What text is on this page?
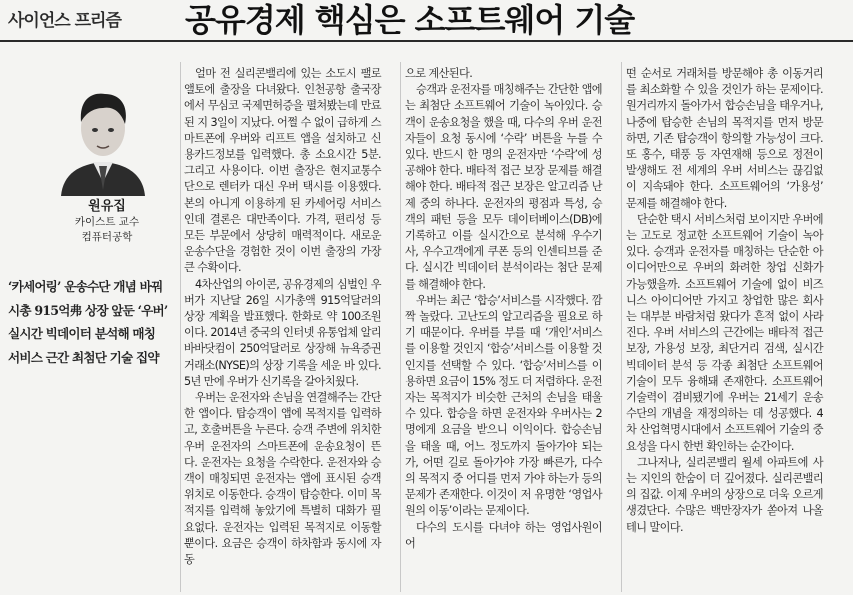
사이언스 프리즘 공유경제 핵심은 소프트웨어 기술
원유집
카이스트 교수
컴퓨터공학
‘카세어링’ 운송수단 개념 바꿔
시총 915억弗 상장 앞둔 ‘우버’
실시간 빅데이터 분석해 매칭
서비스 근간 최첨단 기술 집약

얼마 전 실리콘밸리에 있는 소도시 팰로앨토에 출장을 다녀왔다. 인천공항 출국장에서 무심코 국제면허증을 펼쳐봤는데 만료된 지 3일이 지났다. 어쩔 수 없이 급하게 스마트폰에 우버와 리프트 앱을 설치하고 신용카드정보를 입력했다. 총 소요시간 5분. 그리고 사용이다. 이번 출장은 현지교통수단으로 렌터카 대신 우버 택시를 이용했다. 본의 아니게 이용하게 된 카세어링 서비스인데 결론은 대만족이다. 가격, 편리성 등 모든 부문에서 상당히 매력적이다. 새로운 운송수단을 경험한 것이 이번 출장의 가장 큰 수확이다.

4차산업의 아이콘, 공유경제의 심벌인 우버가 지난달 26일 시가총액 915억달러의 상장 계획을 발표했다. 한화로 약 100조원이다. 2014년 중국의 인터넷 유통업체 알리바바닷컴이 250억달러로 상장해 뉴욕증권거래소(NYSE)의 상장 기록을 세운 바 있다. 5년 만에 우버가 신기록을 갈아치웠다.

우버는 운전자와 손님을 연결해주는 간단한 앱이다. 탑승객이 앱에 목적지를 입력하고, 호출버튼을 누른다. 승객 주변에 위치한 우버 운전자의 스마트폰에 운송요청이 뜬다. 운전자는 요청을 수락한다. 운전자와 승객이 매칭되면 운전자는 앱에 표시된 승객 위치로 이동한다. 승객이 탑승한다. 이미 목적지를 입력해 놓았기에 특별히 대화가 필요없다. 운전자는 입력된 목적지로 이동할 뿐이다. 요금은 승객이 하차함과 동시에 자동

으로 계산된다.

승객과 운전자를 매칭해주는 간단한 앱에는 최첨단 소프트웨어 기술이 녹아있다. 승객이 운송요청을 했을 때, 다수의 우버 운전자들이 요청 동시에 ‘수락’ 버튼을 누를 수 있다. 반드시 한 명의 운전자만 ‘수락’에 성공해야 한다. 배타적 접근 보장 문제를 해결해야 한다. 배타적 접근 보장은 알고리즘 난제 중의 하나다. 운전자의 평점과 특성, 승객의 패턴 등을 모두 데이터베이스(DB)에 기록하고 이를 실시간으로 분석해 우수기사, 우수고객에게 쿠폰 등의 인센티브를 준다. 실시간 빅데이터 분석이라는 첨단 문제를 해결해야 한다.

우버는 최근 ‘합승’서비스를 시작했다. 깜짝 놀랐다. 고난도의 알고리즘을 필요로 하기 때문이다. 우버를 부를 때 ‘개인’서비스를 이용할 것인지 ‘합승’서비스를 이용할 것인지를 선택할 수 있다. ‘합승’서비스를 이용하면 요금이 15% 정도 더 저렴하다. 운전자는 목적지가 비슷한 근처의 손님을 태울 수 있다. 합승을 하면 운전자와 우버사는 2명에게 요금을 받으니 이익이다. 합승손님을 태울 때, 어느 정도까지 돌아가야 되는가, 어떤 길로 돌아가야 가장 빠른가, 다수의 목적지 중 어디를 먼저 가야 하는가 등의 문제가 존재한다. 이것이 저 유명한 ‘영업사원의 이동’이라는 문제이다.

다수의 도시를 다녀야 하는 영업사원이 어

떤 순서로 거래처를 방문해야 총 이동거리를 최소화할 수 있을 것인가 하는 문제이다. 원거리까지 돌아가서 합승손님을 태우거나, 나중에 탑승한 손님의 목적지를 먼저 방문하면, 기존 탑승객이 항의할 가능성이 크다. 또 홍수, 태풍 등 자연재해 등으로 정전이 발생해도 전 세계의 우버 서비스는 끊김없이 지속돼야 한다. 소프트웨어의 ‘가용성’ 문제를 해결해야 한다.

단순한 택시 서비스처럼 보이지만 우버에는 고도로 정교한 소프트웨어 기술이 녹아있다. 승객과 운전자를 매칭하는 단순한 아이디어만으로 우버의 화려한 창업 신화가 가능했을까. 소프트웨어 기술에 없이 비즈니스 아이디어만 가지고 창업한 많은 회사는 대부분 바람처럼 왔다가 흔적 없이 사라진다. 우버 서비스의 근간에는 배타적 접근 보장, 가용성 보장, 최단거리 검색, 실시간 빅데이터 분석 등 각종 최첨단 소프트웨어 기술이 모두 융해돼 존재한다. 소프트웨어 기술력이 겸비됐기에 우버는 21세기 운송수단의 개념을 재정의하는 데 성공했다. 4차 산업혁명시대에서 소프트웨어 기술의 중요성을 다시 한번 확인하는 순간이다.

그나저나, 실리콘밸리 월세 아파트에 사는 지인의 한숨이 더 깊어졌다. 실리콘밸리의 집값. 이제 우버의 상장으로 더욱 오르게 생겼단다. 수많은 백만장자가 쏟아져 나올 테니 말이다.
